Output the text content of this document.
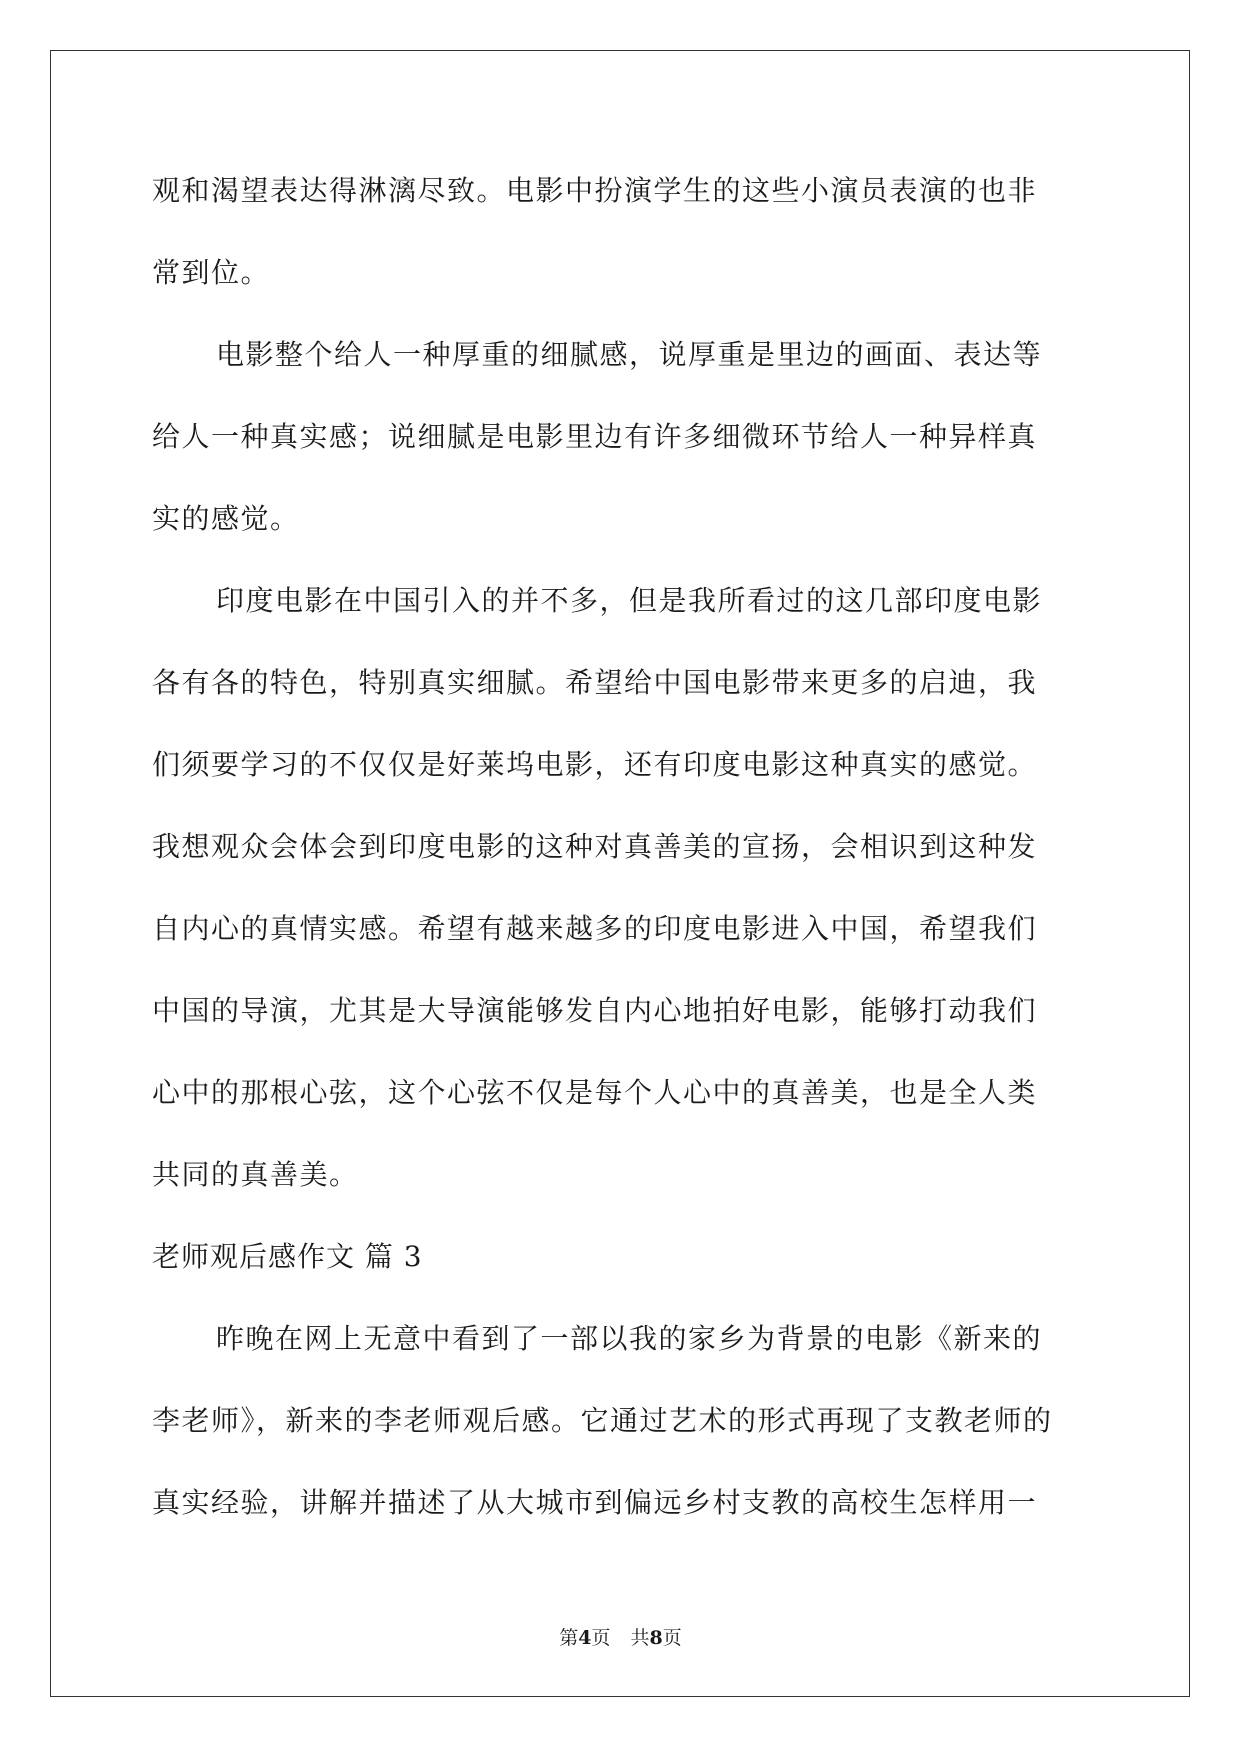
观和渴望表达得淋漓尽致。电影中扮演学生的这些小演员表演的也非
常到位。
电影整个给人一种厚重的细腻感，说厚重是里边的画面、表达等
给人一种真实感；说细腻是电影里边有许多细微环节给人一种异样真
实的感觉。
印度电影在中国引入的并不多，但是我所看过的这几部印度电影
各有各的特色，特别真实细腻。希望给中国电影带来更多的启迪，我
们须要学习的不仅仅是好莱坞电影，还有印度电影这种真实的感觉。
我想观众会体会到印度电影的这种对真善美的宣扬，会相识到这种发
自内心的真情实感。希望有越来越多的印度电影进入中国，希望我们
中国的导演，尤其是大导演能够发自内心地拍好电影，能够打动我们
心中的那根心弦，这个心弦不仅是每个人心中的真善美，也是全人类
共同的真善美。
老师观后感作文 篇 3
昨晚在网上无意中看到了一部以我的家乡为背景的电影《新来的
李老师》，新来的李老师观后感。它通过艺术的形式再现了支教老师的
真实经验，讲解并描述了从大城市到偏远乡村支教的高校生怎样用一
第4页 共8页
